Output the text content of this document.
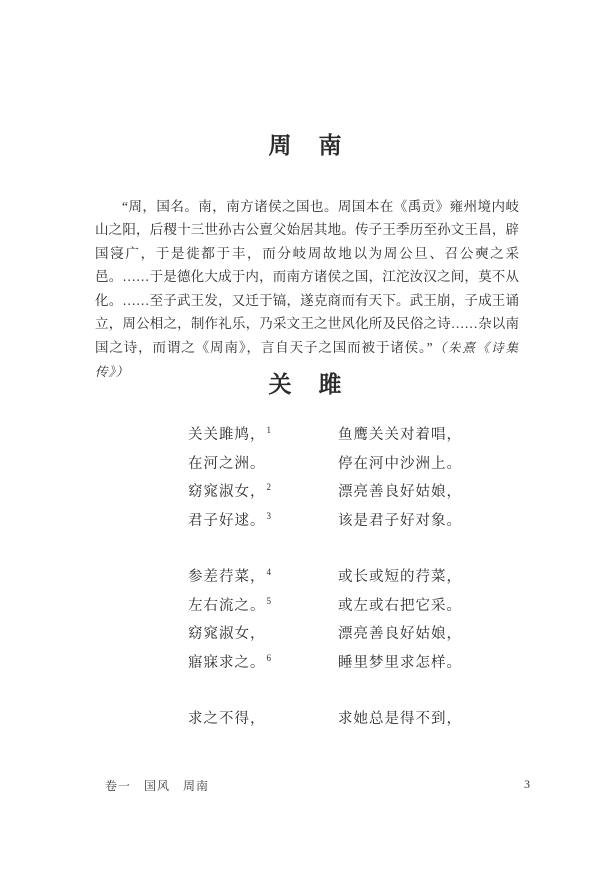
周　南

“周，国名。南，南方诸侯之国也。周国本在《禹贡》雍州境内岐山之阳，后稷十三世孙古公亶父始居其地。传子王季历至孙文王昌，辟国寖广，于是徙都于丰，而分岐周故地以为周公旦、召公奭之采邑。……于是德化大成于内，而南方诸侯之国，江沱汝汉之间，莫不从化。……至子武王发，又迁于镐，遂克商而有天下。武王崩，子成王诵立，周公相之，制作礼乐，乃采文王之世风化所及民俗之诗……杂以南国之诗，而谓之《周南》，言自天子之国而被于诸侯。”（朱熹《诗集传》）	关　雎
关关雎鸠，$^1$	鱼鹰关关对着唱，
在河之洲。	停在河中沙洲上。
窈窕淑女，$^2$	漂亮善良好姑娘，
君子好逑。$^3$	该是君子好对象。
参差荇菜，$^4$	或长或短的荇菜，
左右流之。$^5$	或左或右把它采。
窈窕淑女，	漂亮善良好姑娘，
寤寐求之。$^6$	睡里梦里求怎样。
求之不得，	求她总是得不到，
卷一　国风　周南	3
